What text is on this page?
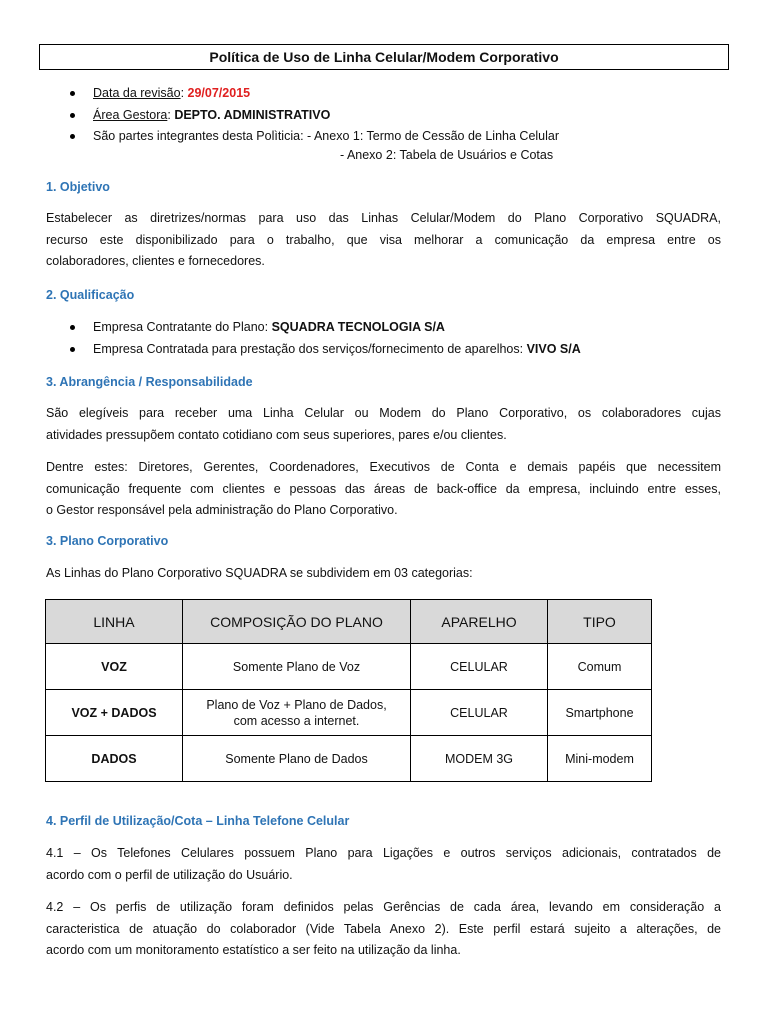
Política de Uso de Linha Celular/Modem Corporativo
Data da revisão: 29/07/2015
Área Gestora: DEPTO. ADMINISTRATIVO
São partes integrantes desta Polìticia: - Anexo 1: Termo de Cessão de Linha Celular
- Anexo 2: Tabela de Usuários e Cotas
1. Objetivo
Estabelecer as diretrizes/normas para uso das Linhas Celular/Modem do Plano Corporativo SQUADRA,
recurso este disponibilizado para o trabalho, que visa melhorar a comunicação da empresa entre os
colaboradores, clientes e fornecedores.
2. Qualificação
Empresa Contratante do Plano: SQUADRA TECNOLOGIA S/A
Empresa Contratada para prestação dos serviços/fornecimento de aparelhos: VIVO S/A
3. Abrangência / Responsabilidade
São elegíveis para receber uma Linha Celular ou Modem do Plano Corporativo, os colaboradores cujas
atividades pressupõem contato cotidiano com seus superiores, pares e/ou clientes.
Dentre estes: Diretores, Gerentes, Coordenadores, Executivos de Conta e demais papéis que necessitem
comunicação frequente com clientes e pessoas das áreas de back-office da empresa, incluindo entre esses,
o Gestor responsável pela administração do Plano Corporativo.
3. Plano Corporativo
As Linhas do Plano Corporativo SQUADRA se subdividem em 03 categorias:
LINHA	COMPOSIÇÃO DO PLANO	APARELHO	TIPO
VOZ	Somente Plano de Voz	CELULAR	Comum
VOZ + DADOS	Plano de Voz + Plano de Dados,
com acesso a internet.	CELULAR	Smartphone
DADOS	Somente Plano de Dados	MODEM 3G	Mini-modem
4. Perfil de Utilização/Cota – Linha Telefone Celular
4.1 – Os Telefones Celulares possuem Plano para Ligações e outros serviços adicionais, contratados de
acordo com o perfil de utilização do Usuário.
4.2 – Os perfis de utilização foram definidos pelas Gerências de cada área, levando em consideração a
caracteristica de atuação do colaborador (Vide Tabela Anexo 2). Este perfil estará sujeito a alterações, de
acordo com um monitoramento estatístico a ser feito na utilização da linha.
